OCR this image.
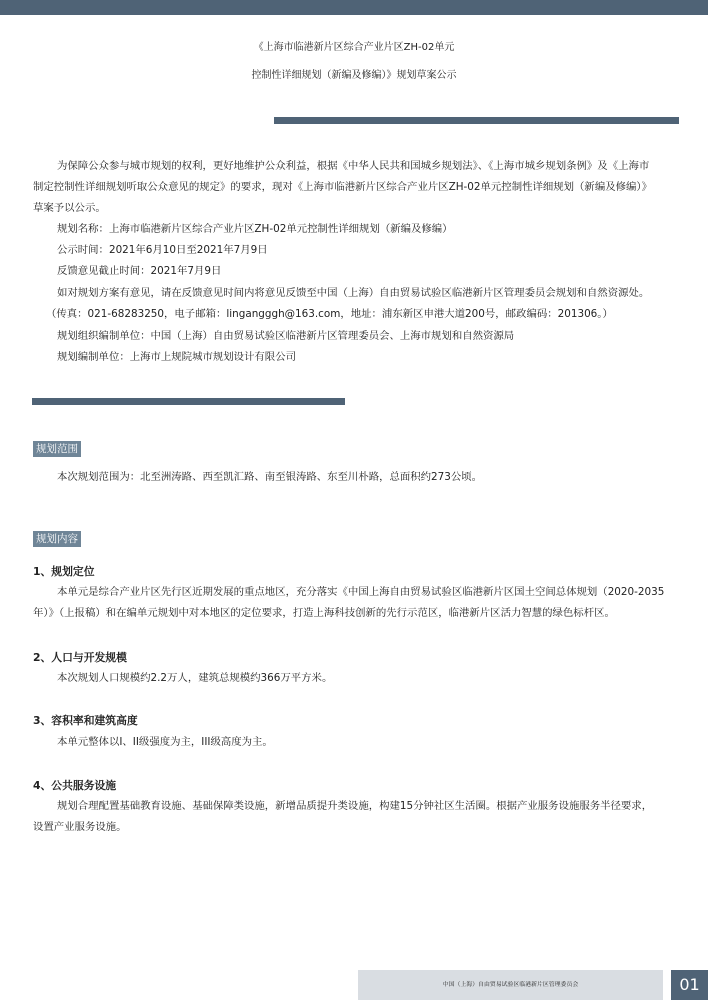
《上海市临港新片区综合产业片区ZH-02单元
控制性详细规划（新编及修编）》规划草案公示
为保障公众参与城市规划的权利，更好地维护公众利益，根据《中华人民共和国城乡规划法》、《上海市城乡规划条例》及《上海市
制定控制性详细规划听取公众意见的规定》的要求，现对《上海市临港新片区综合产业片区ZH-02单元控制性详细规划（新编及修编）》
草案予以公示。
规划名称：上海市临港新片区综合产业片区ZH-02单元控制性详细规划（新编及修编）
公示时间：2021年6月10日至2021年7月9日
反馈意见截止时间：2021年7月9日
如对规划方案有意见，请在反馈意见时间内将意见反馈至中国（上海）自由贸易试验区临港新片区管理委员会规划和自然资源处。
（传真：021-68283250，电子邮箱：lingangggh@163.com，地址：浦东新区申港大道200号，邮政编码：201306。）
规划组织编制单位：中国（上海）自由贸易试验区临港新片区管理委员会、上海市规划和自然资源局
规划编制单位：上海市上规院城市规划设计有限公司
规划范围
本次规划范围为：北至洲涛路、西至凯汇路、南至银涛路、东至川朴路，总面积约273公顷。
规划内容
1、规划定位
本单元是综合产业片区先行区近期发展的重点地区，充分落实《中国上海自由贸易试验区临港新片区国土空间总体规划（2020-2035
年）》（上报稿）和在编单元规划中对本地区的定位要求，打造上海科技创新的先行示范区，临港新片区活力智慧的绿色标杆区。
2、人口与开发规模
本次规划人口规模约2.2万人，建筑总规模约366万平方米。
3、容积率和建筑高度
本单元整体以I、II级强度为主，III级高度为主。
4、公共服务设施
规划合理配置基础教育设施、基础保障类设施，新增品质提升类设施，构建15分钟社区生活圈。根据产业服务设施服务半径要求，
设置产业服务设施。
中国（上海）自由贸易试验区临港新片区管理委员会	01
